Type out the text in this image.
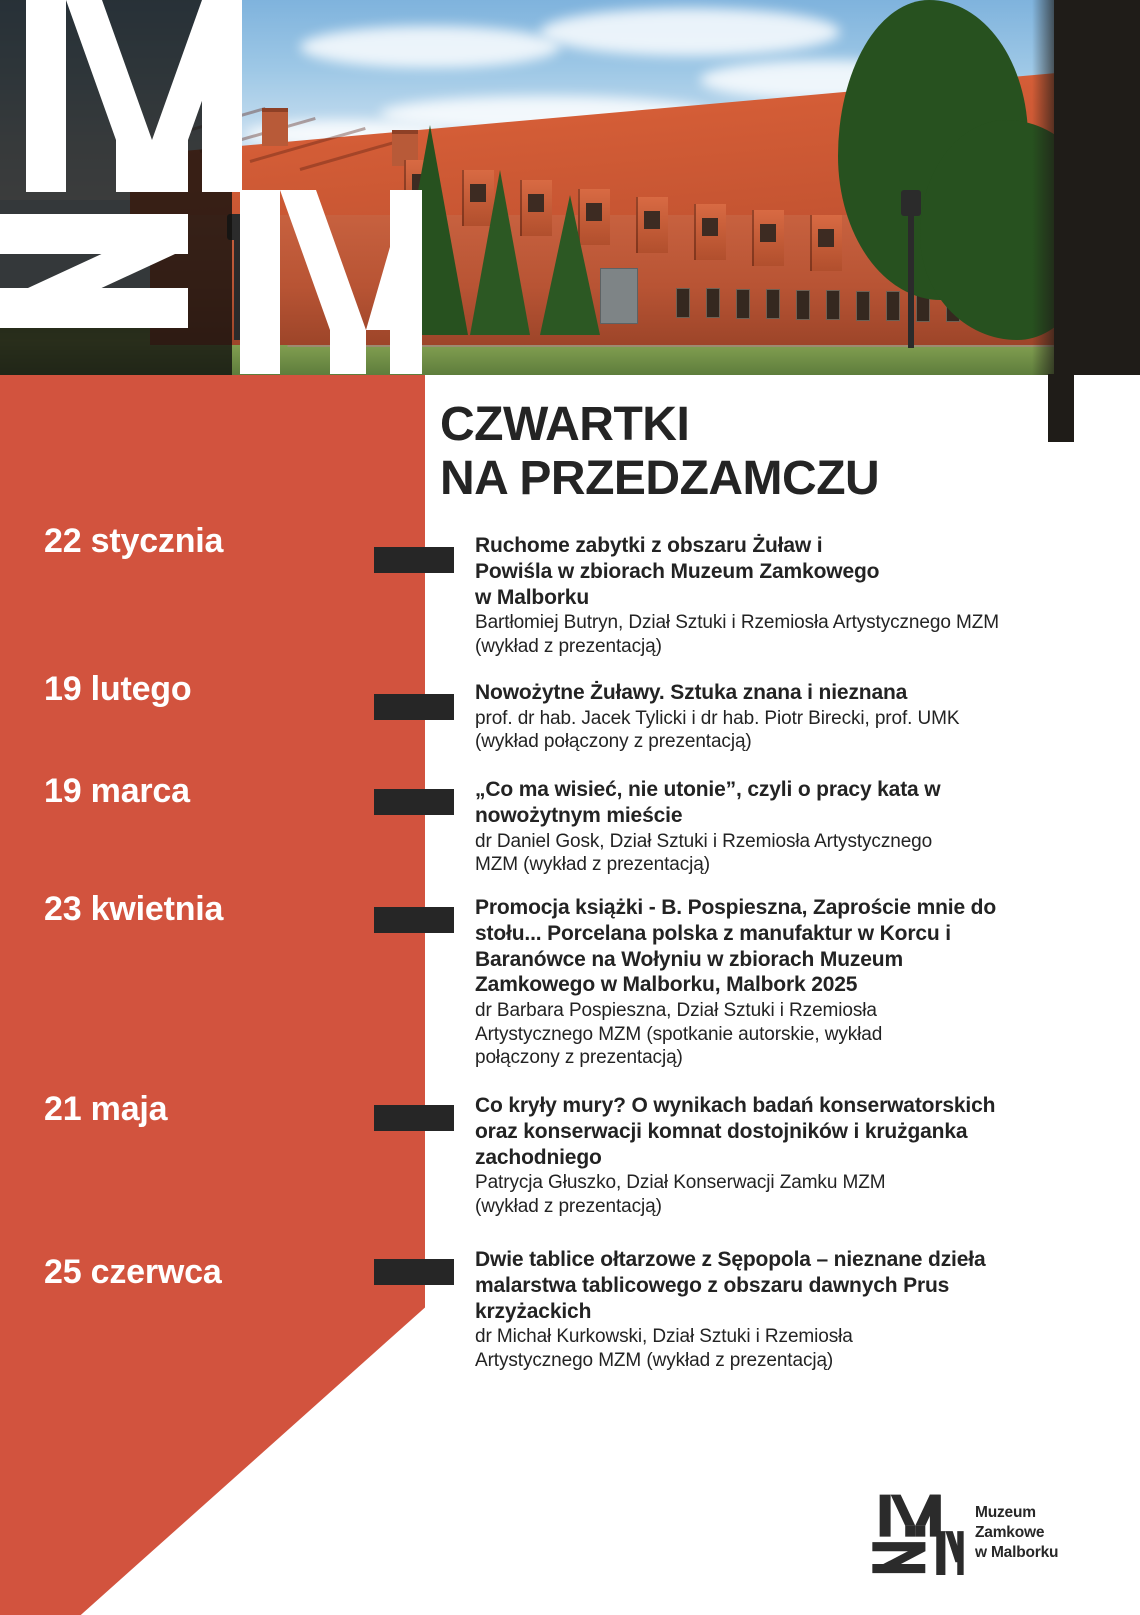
CZWARTKI
NA PRZEDZAMCZU
22 stycznia	Ruchome zabytki z obszaru Żuław i
Powiśla w zbiorach Muzeum Zamkowego
w Malborku
Bartłomiej Butryn, Dział Sztuki i Rzemiosła Artystycznego MZM
(wykład z prezentacją)
19 lutego	Nowożytne Żuławy. Sztuka znana i nieznana
prof. dr hab. Jacek Tylicki i dr hab. Piotr Birecki, prof. UMK
(wykład połączony z prezentacją)
19 marca	„Co ma wisieć, nie utonie”, czyli o pracy kata w
nowożytnym mieście
dr Daniel Gosk, Dział Sztuki i Rzemiosła Artystycznego
MZM (wykład z prezentacją)
23 kwietnia	Promocja książki - B. Pospieszna, Zaproście mnie do
stołu... Porcelana polska z manufaktur w Korcu i
Baranówce na Wołyniu w zbiorach Muzeum
Zamkowego w Malborku, Malbork 2025
dr Barbara Pospieszna, Dział Sztuki i Rzemiosła
Artystycznego MZM (spotkanie autorskie, wykład
połączony z prezentacją)
21 maja	Co kryły mury? O wynikach badań konserwatorskich
oraz konserwacji komnat dostojników i krużganka
zachodniego
Patrycja Głuszko, Dział Konserwacji Zamku MZM
(wykład z prezentacją)
25 czerwca	Dwie tablice ołtarzowe z Sępopola – nieznane dzieła
malarstwa tablicowego z obszaru dawnych Prus
krzyżackich
dr Michał Kurkowski, Dział Sztuki i Rzemiosła
Artystycznego MZM (wykład z prezentacją)
Muzeum
Zamkowe
w Malborku
